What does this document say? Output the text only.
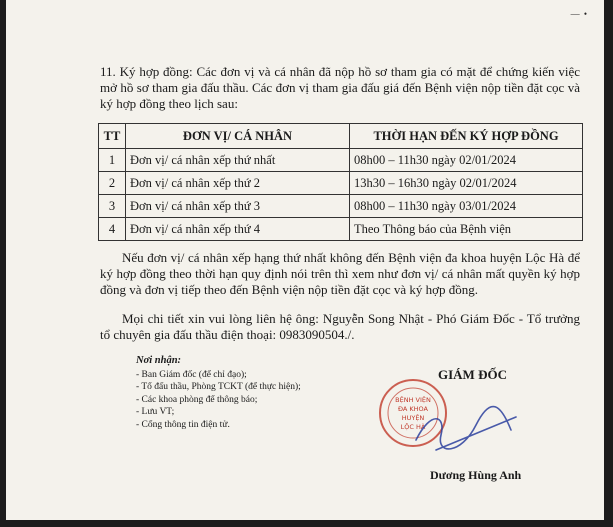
— •

11. Ký hợp đồng: Các đơn vị và cá nhân đã nộp hồ sơ tham gia có mặt để chứng kiến việc mở hồ sơ tham gia đấu thầu. Các đơn vị tham gia đấu giá đến Bệnh viện nộp tiền đặt cọc và ký hợp đồng theo lịch sau:

TT	ĐƠN VỊ/ CÁ NHÂN	THỜI HẠN ĐẾN KÝ HỢP ĐỒNG
1	Đơn vị/ cá nhân xếp thứ nhất	08h00 – 11h30 ngày 02/01/2024
2	Đơn vị/ cá nhân xếp thứ 2	13h30 – 16h30 ngày 02/01/2024
3	Đơn vị/ cá nhân xếp thứ 3	08h00 – 11h30 ngày 03/01/2024
4	Đơn vị/ cá nhân xếp thứ 4	Theo Thông báo của Bệnh viện

Nếu đơn vị/ cá nhân xếp hạng thứ nhất không đến Bệnh viện đa khoa huyện Lộc Hà để ký hợp đồng theo thời hạn quy định nói trên thì xem như đơn vị/ cá nhân mất quyền ký hợp đồng và đơn vị tiếp theo đến Bệnh viện nộp tiền đặt cọc và ký hợp đồng.

Mọi chi tiết xin vui lòng liên hệ ông: Nguyễn Song Nhật - Phó Giám Đốc - Tổ trưởng tổ chuyên gia đấu thầu điện thoại: 0983090504./.

Nơi nhận:
- Ban Giám đốc (để chỉ đạo);
- Tổ đấu thầu, Phòng TCKT (để thực hiện);
- Các khoa phòng để thông báo;
- Lưu VT;
- Cổng thông tin điện tử.
GIÁM ĐỐC
BỆNH VIỆN
ĐA KHOA
HUYỆN
LỘC HÀ
Dương Hùng Anh
